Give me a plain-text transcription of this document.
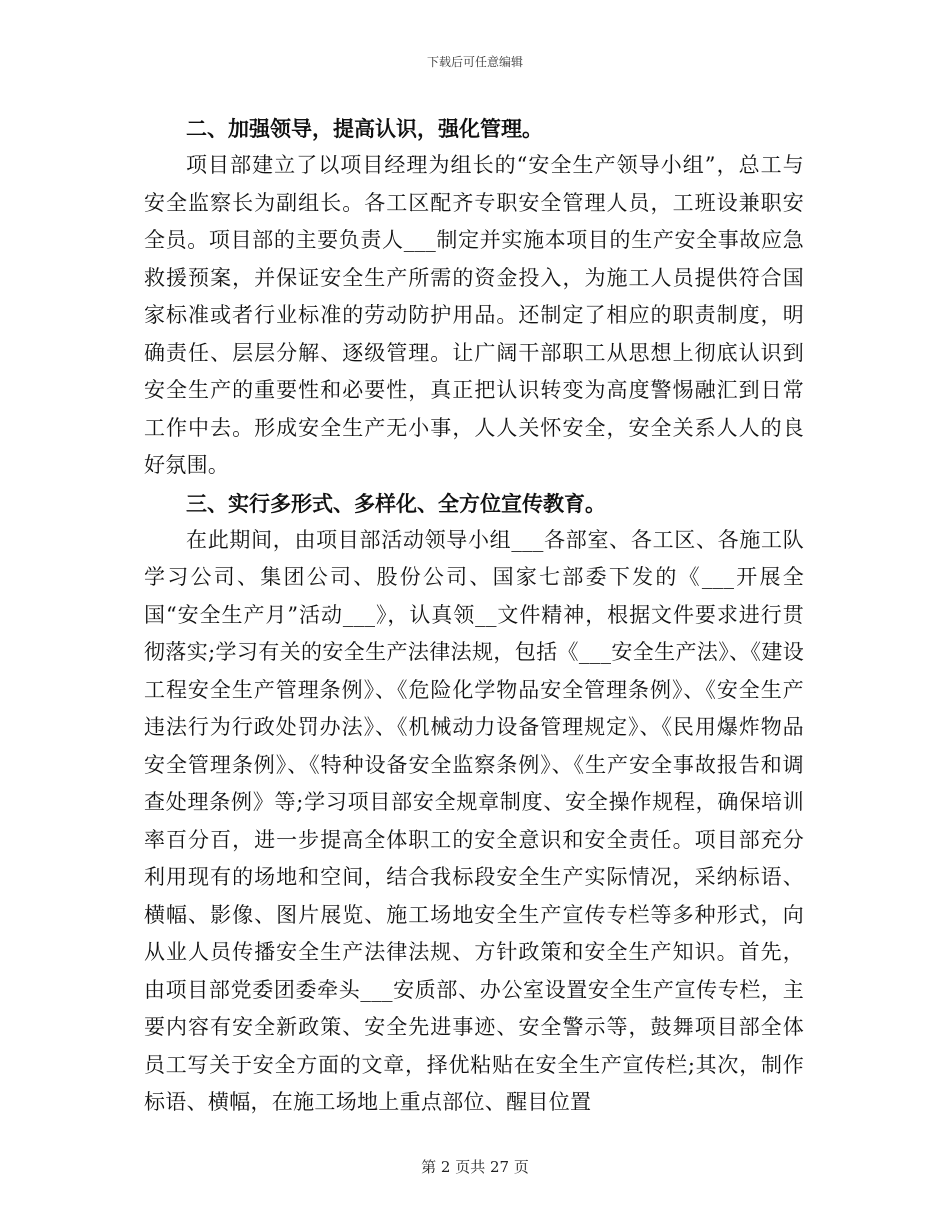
下载后可任意编辑

二、加强领导，提高认识，强化管理。

项目部建立了以项目经理为组长的“安全生产领导小组”，总工与安全监察长为副组长。各工区配齐专职安全管理人员，工班设兼职安全员。项目部的主要负责人___制定并实施本项目的生产安全事故应急救援预案，并保证安全生产所需的资金投入，为施工人员提供符合国家标准或者行业标准的劳动防护用品。还制定了相应的职责制度，明确责任、层层分解、逐级管理。让广阔干部职工从思想上彻底认识到安全生产的重要性和必要性，真正把认识转变为高度警惕融汇到日常工作中去。形成安全生产无小事，人人关怀安全，安全关系人人的良好氛围。

三、实行多形式、多样化、全方位宣传教育。

在此期间，由项目部活动领导小组___各部室、各工区、各施工队学习公司、集团公司、股份公司、国家七部委下发的《___开展全国“安全生产月”活动___》，认真领__文件精神，根据文件要求进行贯彻落实;学习有关的安全生产法律法规，包括《___安全生产法》、《建设工程安全生产管理条例》、《危险化学物品安全管理条例》、《安全生产违法行为行政处罚办法》、《机械动力设备管理规定》、《民用爆炸物品安全管理条例》、《特种设备安全监察条例》、《生产安全事故报告和调查处理条例》等;学习项目部安全规章制度、安全操作规程，确保培训率百分百，进一步提高全体职工的安全意识和安全责任。项目部充分利用现有的场地和空间，结合我标段安全生产实际情况，采纳标语、横幅、影像、图片展览、施工场地安全生产宣传专栏等多种形式，向从业人员传播安全生产法律法规、方针政策和安全生产知识。首先，由项目部党委团委牵头___安质部、办公室设置安全生产宣传专栏，主要内容有安全新政策、安全先进事迹、安全警示等，鼓舞项目部全体员工写关于安全方面的文章，择优粘贴在安全生产宣传栏;其次，制作标语、横幅，在施工场地上重点部位、醒目位置

第 2 页共 27 页
